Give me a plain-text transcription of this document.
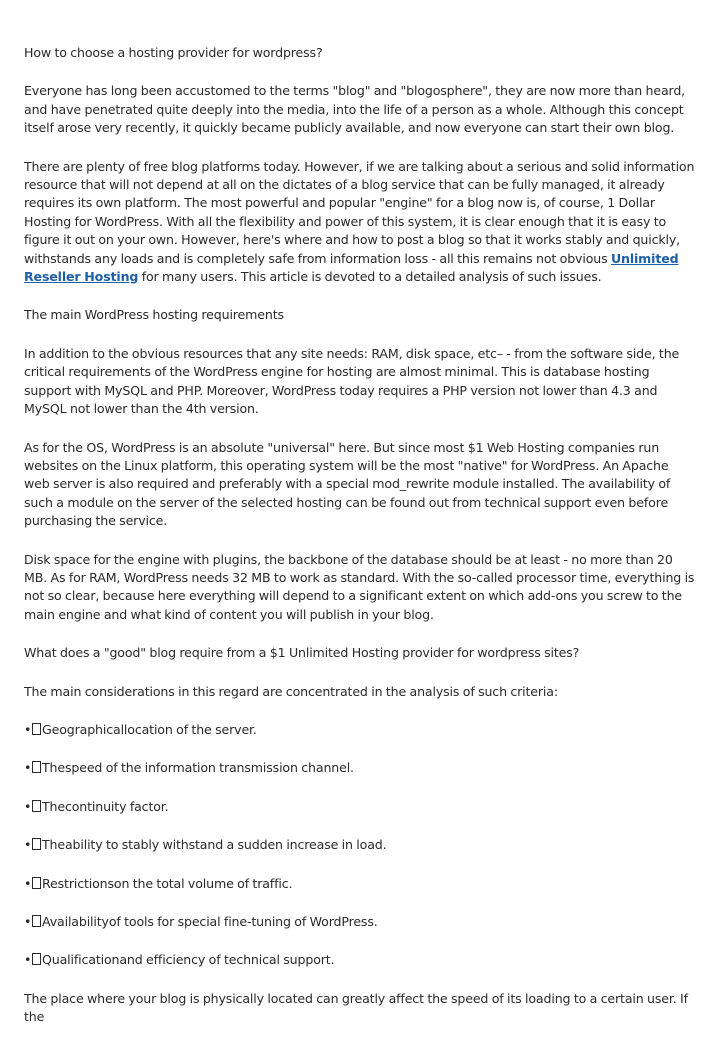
How to choose a hosting provider for wordpress?

Everyone has long been accustomed to the terms "blog" and "blogosphere", they are now more than heard, and have penetrated quite deeply into the media, into the life of a person as a whole. Although this concept itself arose very recently, it quickly became publicly available, and now everyone can start their own blog.

There are plenty of free blog platforms today. However, if we are talking about a serious and solid information resource that will not depend at all on the dictates of a blog service that can be fully managed, it already requires its own platform. The most powerful and popular "engine" for a blog now is, of course, 1 Dollar Hosting for WordPress. With all the flexibility and power of this system, it is clear enough that it is easy to figure it out on your own. However, here's where and how to post a blog so that it works stably and quickly, withstands any loads and is completely safe from information loss - all this remains not obvious Unlimited Reseller Hosting for many users. This article is devoted to a detailed analysis of such issues.

The main WordPress hosting requirements

In addition to the obvious resources that any site needs: RAM, disk space, etc– - from the software side, the critical requirements of the WordPress engine for hosting are almost minimal. This is database hosting support with MySQL and PHP. Moreover, WordPress today requires a PHP version not lower than 4.3 and MySQL not lower than the 4th version.

As for the OS, WordPress is an absolute "universal" here. But since most $1 Web Hosting companies run websites on the Linux platform, this operating system will be the most "native" for WordPress. An Apache web server is also required and preferably with a special mod_rewrite module installed. The availability of such a module on the server of the selected hosting can be found out from technical support even before purchasing the service.

Disk space for the engine with plugins, the backbone of the database should be at least - no more than 20 MB. As for RAM, WordPress needs 32 MB to work as standard. With the so-called processor time, everything is not so clear, because here everything will depend to a significant extent on which add-ons you screw to the main engine and what kind of content you will publish in your blog.

What does a "good" blog require from a $1 Unlimited Hosting provider for wordpress sites?

The main considerations in this regard are concentrated in the analysis of such criteria:

• Geographicallocation of the server.

• Thespeed of the information transmission channel.

• Thecontinuity factor.

• Theability to stably withstand a sudden increase in load.

• Restrictionson the total volume of traffic.

• Availabilityof tools for special fine-tuning of WordPress.

• Qualificationand efficiency of technical support.

The place where your blog is physically located can greatly affect the speed of its loading to a certain user. If the
